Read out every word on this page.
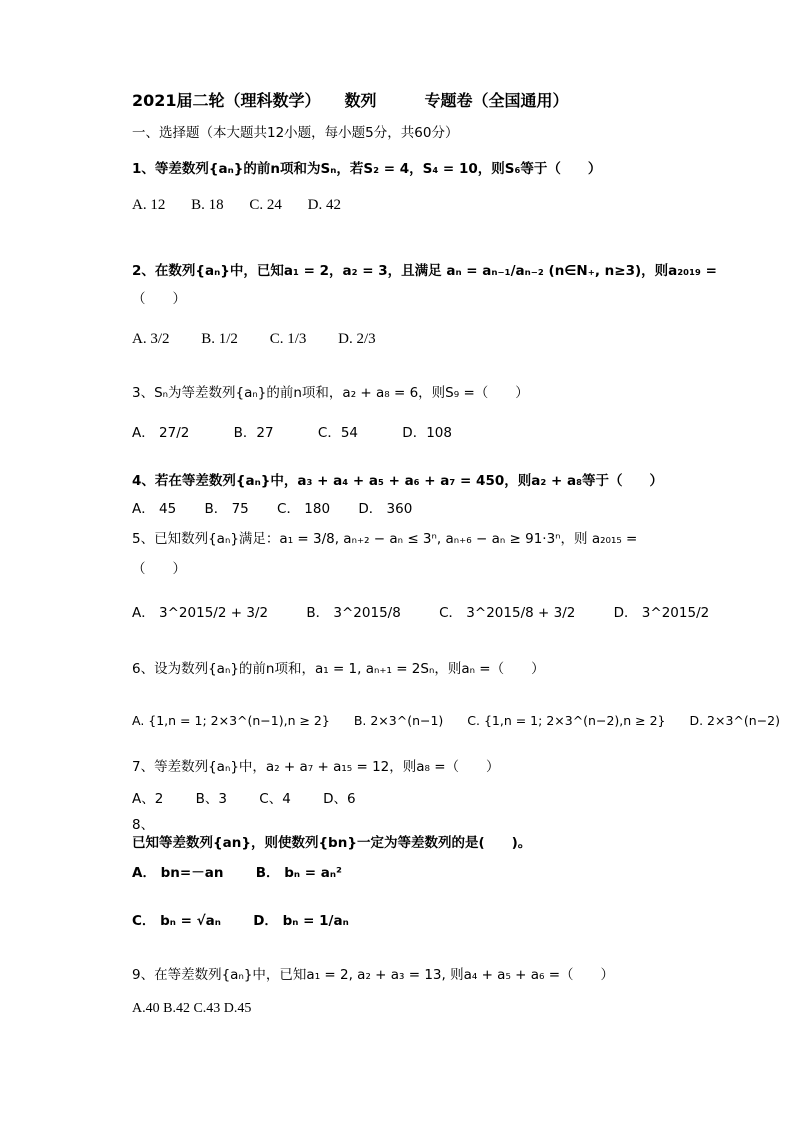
2021届二轮（理科数学）　　数列　　　专题卷（全国通用）
一、选择题（本大题共12小题，每小题5分，共60分）
1、等差数列{aₙ}的前n项和为Sₙ，若S₂ = 4，S₄ = 10，则S₆等于（　　）
A. 12 B. 18 C. 24 D. 42
2、在数列{aₙ}中，已知a₁ = 2，a₂ = 3，且满足 aₙ = aₙ₋₁/aₙ₋₂ (n∈N₊, n≥3)，则a₂₀₁₉ =
（　　）
A. 3/2 B. 1/2 C. 1/3 D. 2/3
3、Sₙ为等差数列{aₙ}的前n项和，a₂ + a₈ = 6，则S₉ =（　　）
A． 27/2	B．27	C．54	D．108
4、若在等差数列{aₙ}中，a₃ + a₄ + a₅ + a₆ + a₇ = 450，则a₂ + a₈等于（　　）
A． 45 B． 75 C． 180 D． 360
5、已知数列{aₙ}满足：a₁ = 3/8, aₙ₊₂ − aₙ ≤ 3ⁿ, aₙ₊₆ − aₙ ≥ 91·3ⁿ，则 a₂₀₁₅ =
（　　）
A． 3^2015/2 + 3/2	B． 3^2015/8	C． 3^2015/8 + 3/2	D． 3^2015/2
6、设为数列{aₙ}的前n项和，a₁ = 1, aₙ₊₁ = 2Sₙ，则aₙ =（　　）
A. {1,n = 1; 2×3^(n−1),n ≥ 2} B. 2×3^(n−1) C. {1,n = 1; 2×3^(n−2),n ≥ 2} D. 2×3^(n−2)
7、等差数列{aₙ}中，a₂ + a₇ + a₁₅ = 12，则a₈ =（　　）
A、2 B、3 C、4 D、6
8、
已知等差数列{an}，则使数列{bn}一定为等差数列的是(　　)。
A． bn=－an B． bₙ = aₙ²
C． bₙ = √aₙ D． bₙ = 1/aₙ
9、在等差数列{aₙ}中，已知a₁ = 2, a₂ + a₃ = 13, 则a₄ + a₅ + a₆ =（　　）
A.40 B.42 C.43 D.45
